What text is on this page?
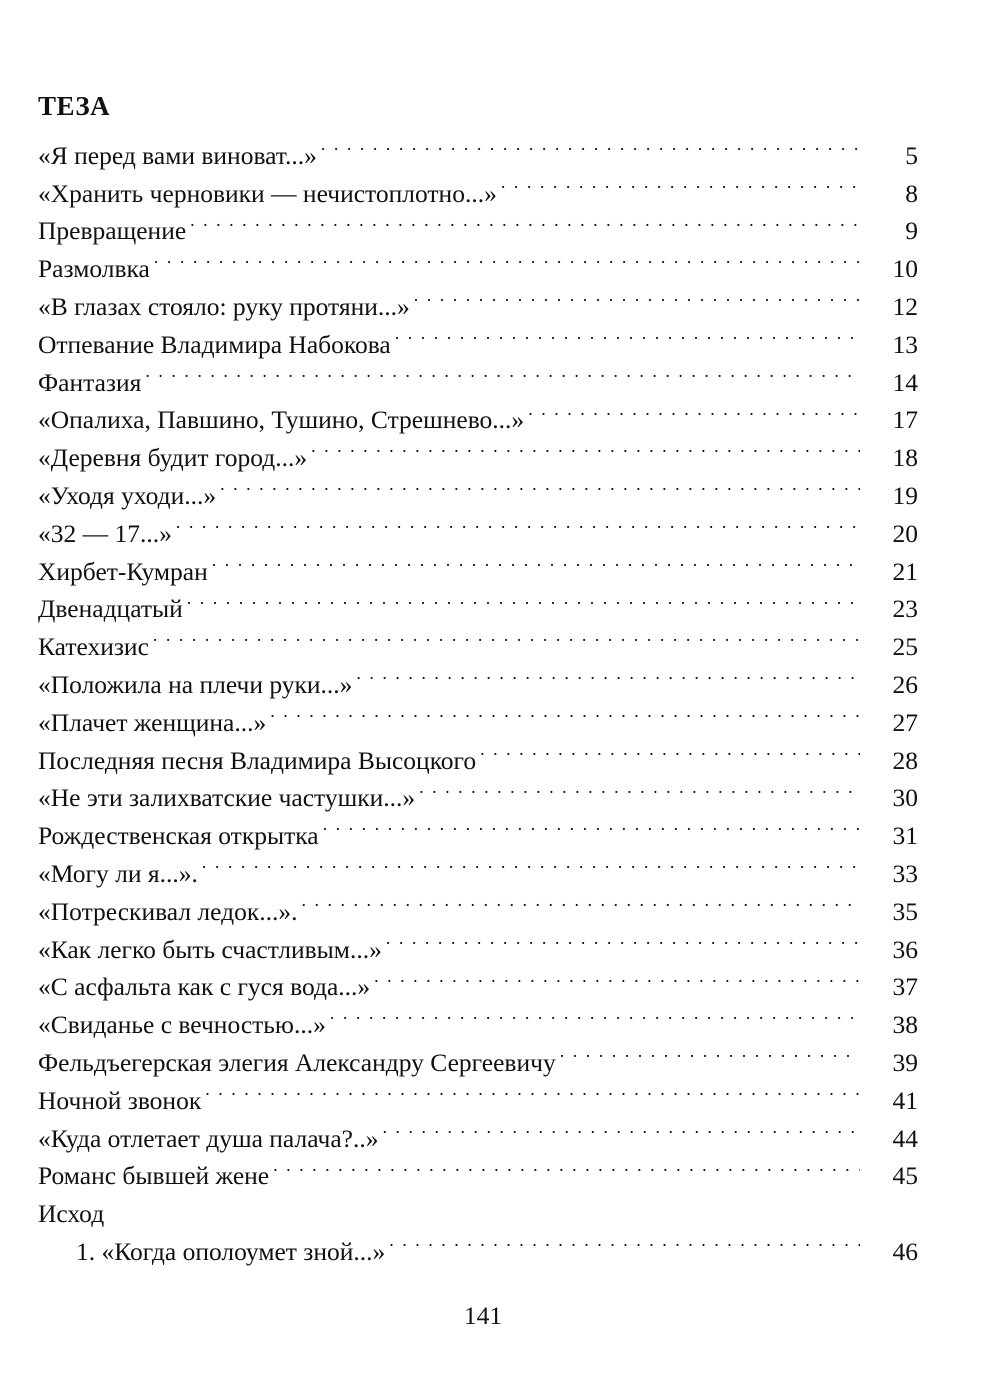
ТЕЗА
«Я перед вами виноват...» . . .	5
«Хранить черновики — нечистоплотно...» . . .	8
Превращение . . .	9
Размолвка . . .	10
«В глазах стояло: руку протяни...» . . .	12
Отпевание Владимира Набокова . . .	13
Фантазия . . .	14
«Опалиха, Павшино, Тушино, Стрешнево...» . . .	17
«Деревня будит город...» . . .	18
«Уходя уходи...» . . .	19
«32 — 17...» . . .	20
Хирбет-Кумран . . .	21
Двенадцатый . . .	23
Катехизис . . .	25
«Положила на плечи руки...» . . .	26
«Плачет женщина...» . . .	27
Последняя песня Владимира Высоцкого . . .	28
«Не эти залихватские частушки...» . . .	30
Рождественская открытка . . .	31
«Могу ли я...». . . .	33
«Потрескивал ледок...». . . .	35
«Как легко быть счастливым...» . . .	36
«С асфальта как с гуся вода...» . . .	37
«Свиданье с вечностью...» . . .	38
Фельдъегерская элегия Александру Сергеевичу . . .	39
Ночной звонок . . .	41
«Куда отлетает душа палача?..» . . .	44
Романс бывшей жене . . .	45
Исход
1. «Когда ополоумет зной...» . . .	46
141
